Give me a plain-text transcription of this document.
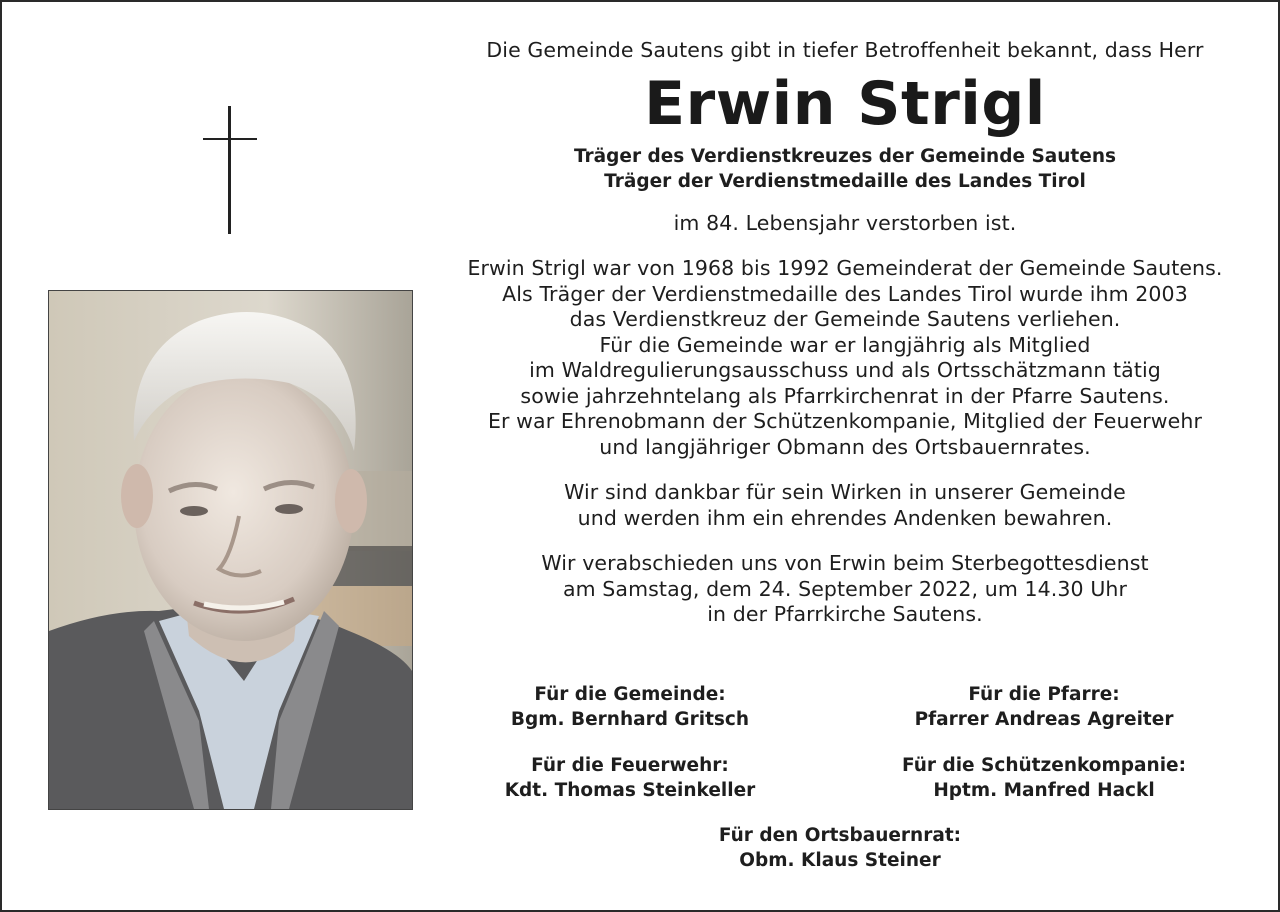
Die Gemeinde Sautens gibt in tiefer Betroffenheit bekannt, dass Herr
Erwin Strigl
Träger des Verdienstkreuzes der Gemeinde Sautens
Träger der Verdienstmedaille des Landes Tirol
im 84. Lebensjahr verstorben ist.
Erwin Strigl war von 1968 bis 1992 Gemeinderat der Gemeinde Sautens.
Als Träger der Verdienstmedaille des Landes Tirol wurde ihm 2003
das Verdienstkreuz der Gemeinde Sautens verliehen.
Für die Gemeinde war er langjährig als Mitglied
im Waldregulierungsausschuss und als Ortsschätzmann tätig
sowie jahrzehntelang als Pfarrkirchenrat in der Pfarre Sautens.
Er war Ehrenobmann der Schützenkompanie, Mitglied der Feuerwehr
und langjähriger Obmann des Ortsbauernrates.
Wir sind dankbar für sein Wirken in unserer Gemeinde
und werden ihm ein ehrendes Andenken bewahren.
Wir verabschieden uns von Erwin beim Sterbegottesdienst
am Samstag, dem 24. September 2022, um 14.30 Uhr
in der Pfarrkirche Sautens.
Für die Gemeinde:
Bgm. Bernhard Gritsch
Für die Pfarre:
Pfarrer Andreas Agreiter
Für die Feuerwehr:
Kdt. Thomas Steinkeller
Für die Schützenkompanie:
Hptm. Manfred Hackl
Für den Ortsbauernrat:
Obm. Klaus Steiner
